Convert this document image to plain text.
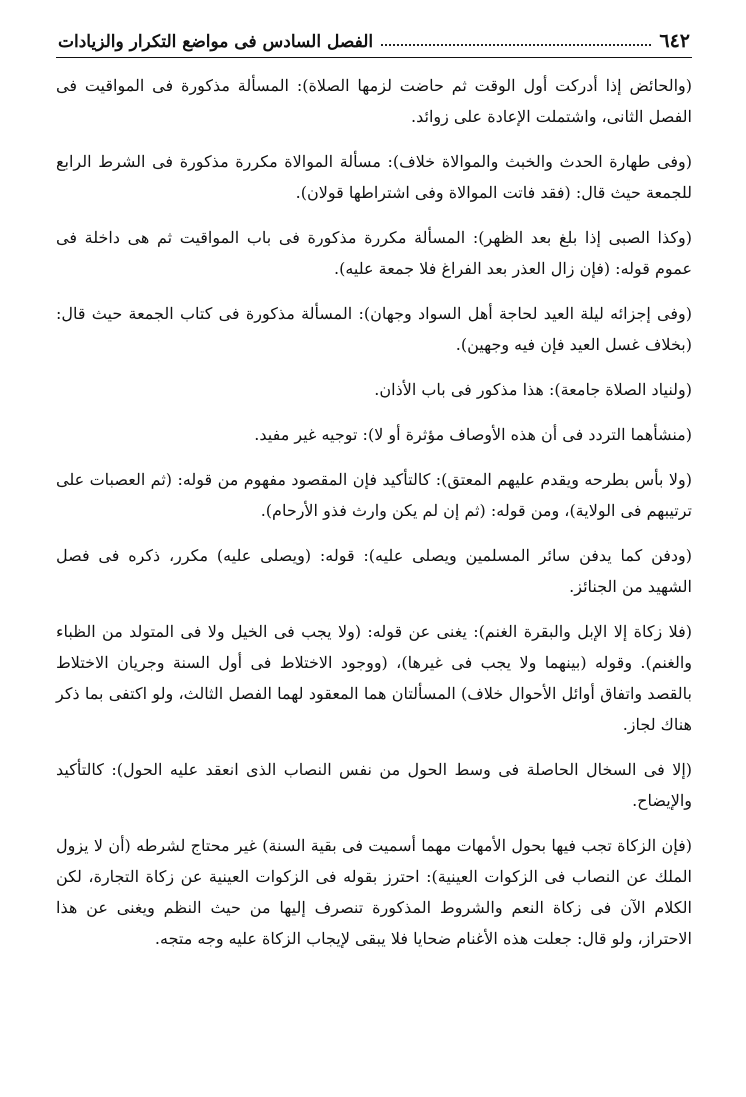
٦٤٢
الفصل السادس فى مواضع التكرار والزيادات

(والحائض إذا أدركت أول الوقت ثم حاضت لزمها الصلاة): المسألة مذكورة فى المواقيت فى الفصل الثانى، واشتملت الإعادة على زوائد.

(وفى طهارة الحدث والخبث والموالاة خلاف): مسألة الموالاة مكررة مذكورة فى الشرط الرابع للجمعة حيث قال: (فقد فاتت الموالاة وفى اشتراطها قولان).

(وكذا الصبى إذا بلغ بعد الظهر): المسألة مكررة مذكورة فى باب المواقيت ثم هى داخلة فى عموم قوله: (فإن زال العذر بعد الفراغ فلا جمعة عليه).

(وفى إجزائه ليلة العيد لحاجة أهل السواد وجهان): المسألة مذكورة فى كتاب الجمعة حيث قال: (بخلاف غسل العيد فإن فيه وجهين).

(ولنياد الصلاة جامعة): هذا مذكور فى باب الأذان.

(منشأهما التردد فى أن هذه الأوصاف مؤثرة أو لا): توجيه غير مفيد.

(ولا بأس بطرحه ويقدم عليهم المعتق): كالتأكيد فإن المقصود مفهوم من قوله: (ثم العصبات على ترتيبهم فى الولاية)، ومن قوله: (ثم إن لم يكن وارث فذو الأرحام).

(ودفن كما يدفن سائر المسلمين ويصلى عليه): قوله: (ويصلى عليه) مكرر، ذكره فى فصل الشهيد من الجنائز.

(فلا زكاة إلا الإبل والبقرة الغنم): يغنى عن قوله: (ولا يجب فى الخيل ولا فى المتولد من الظباء والغنم). وقوله (بينهما ولا يجب فى غيرها)، (ووجود الاختلاط فى أول السنة وجريان الاختلاط بالقصد واتفاق أوائل الأحوال خلاف) المسألتان هما المعقود لهما الفصل الثالث، ولو اكتفى بما ذكر هناك لجاز.

(إلا فى السخال الحاصلة فى وسط الحول من نفس النصاب الذى انعقد عليه الحول): كالتأكيد والإيضاح.

(فإن الزكاة تجب فيها بحول الأمهات مهما أسميت فى بقية السنة) غير محتاج لشرطه (أن لا يزول الملك عن النصاب فى الزكوات العينية): احترز بقوله فى الزكوات العينية عن زكاة التجارة، لكن الكلام الآن فى زكاة النعم والشروط المذكورة تنصرف إليها من حيث النظم ويغنى عن هذا الاحتراز، ولو قال: جعلت هذه الأغنام ضحايا فلا يبقى لإيجاب الزكاة عليه وجه متجه.
